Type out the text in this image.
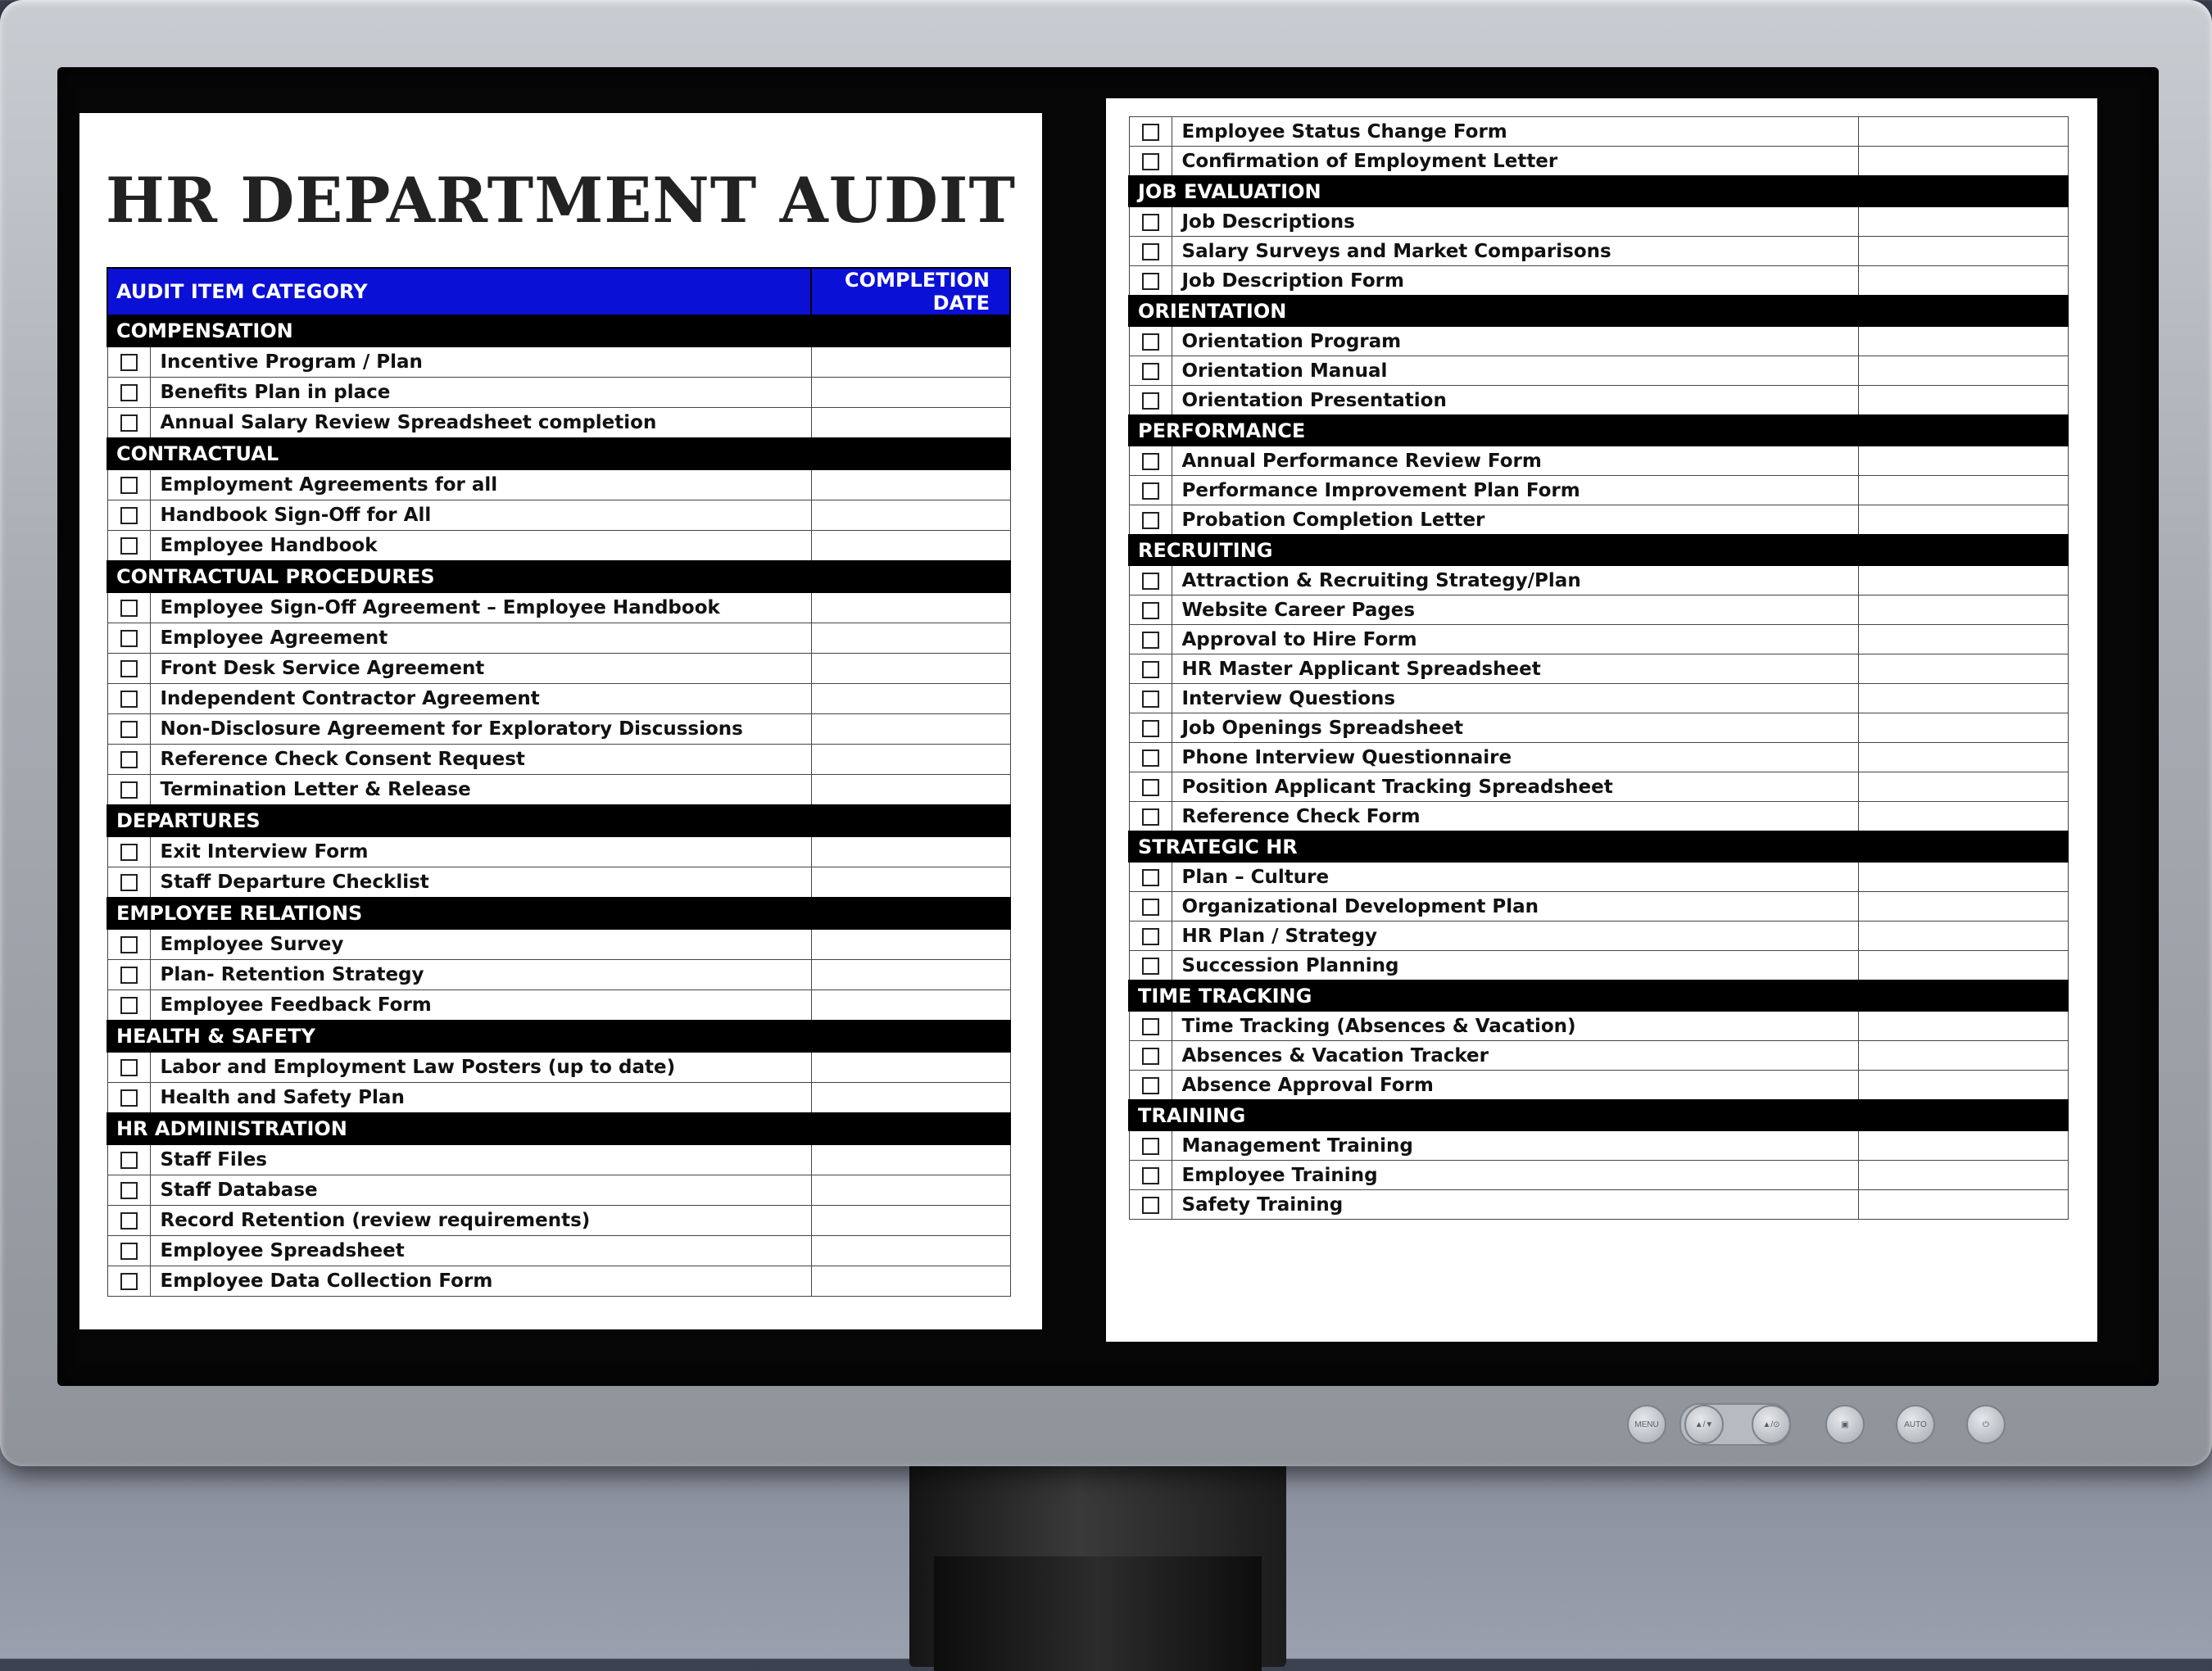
MENU	▲/▼	▲/⊙	▣	AUTO	⏻
HR DEPARTMENT AUDIT
AUDIT ITEM CATEGORY		COMPLETION DATE
COMPENSATION		
	Incentive Program / Plan	
	Benefits Plan in place	
	Annual Salary Review Spreadsheet completion	
CONTRACTUAL		
	Employment Agreements for all	
	Handbook Sign-Off for All	
	Employee Handbook	
CONTRACTUAL PROCEDURES		
	Employee Sign-Off Agreement – Employee Handbook	
	Employee Agreement	
	Front Desk Service Agreement	
	Independent Contractor Agreement	
	Non-Disclosure Agreement for Exploratory Discussions	
	Reference Check Consent Request	
	Termination Letter & Release	
DEPARTURES		
	Exit Interview Form	
	Staff Departure Checklist	
EMPLOYEE RELATIONS		
	Employee Survey	
	Plan- Retention Strategy	
	Employee Feedback Form	
HEALTH & SAFETY		
	Labor and Employment Law Posters (up to date)	
	Health and Safety Plan	
HR ADMINISTRATION		
	Staff Files	
	Staff Database	
	Record Retention (review requirements)	
	Employee Spreadsheet	
	Employee Data Collection Form	
	Employee Status Change Form	
	Confirmation of Employment Letter	
JOB EVALUATION		
	Job Descriptions	
	Salary Surveys and Market Comparisons	
	Job Description Form	
ORIENTATION		
	Orientation Program	
	Orientation Manual	
	Orientation Presentation	
PERFORMANCE		
	Annual Performance Review Form	
	Performance Improvement Plan Form	
	Probation Completion Letter	
RECRUITING		
	Attraction & Recruiting Strategy/Plan	
	Website Career Pages	
	Approval to Hire Form	
	HR Master Applicant Spreadsheet	
	Interview Questions	
	Job Openings Spreadsheet	
	Phone Interview Questionnaire	
	Position Applicant Tracking Spreadsheet	
	Reference Check Form	
STRATEGIC HR		
	Plan – Culture	
	Organizational Development Plan	
	HR Plan / Strategy	
	Succession Planning	
TIME TRACKING		
	Time Tracking (Absences & Vacation)	
	Absences & Vacation Tracker	
	Absence Approval Form	
TRAINING		
	Management Training	
	Employee Training	
	Safety Training	
